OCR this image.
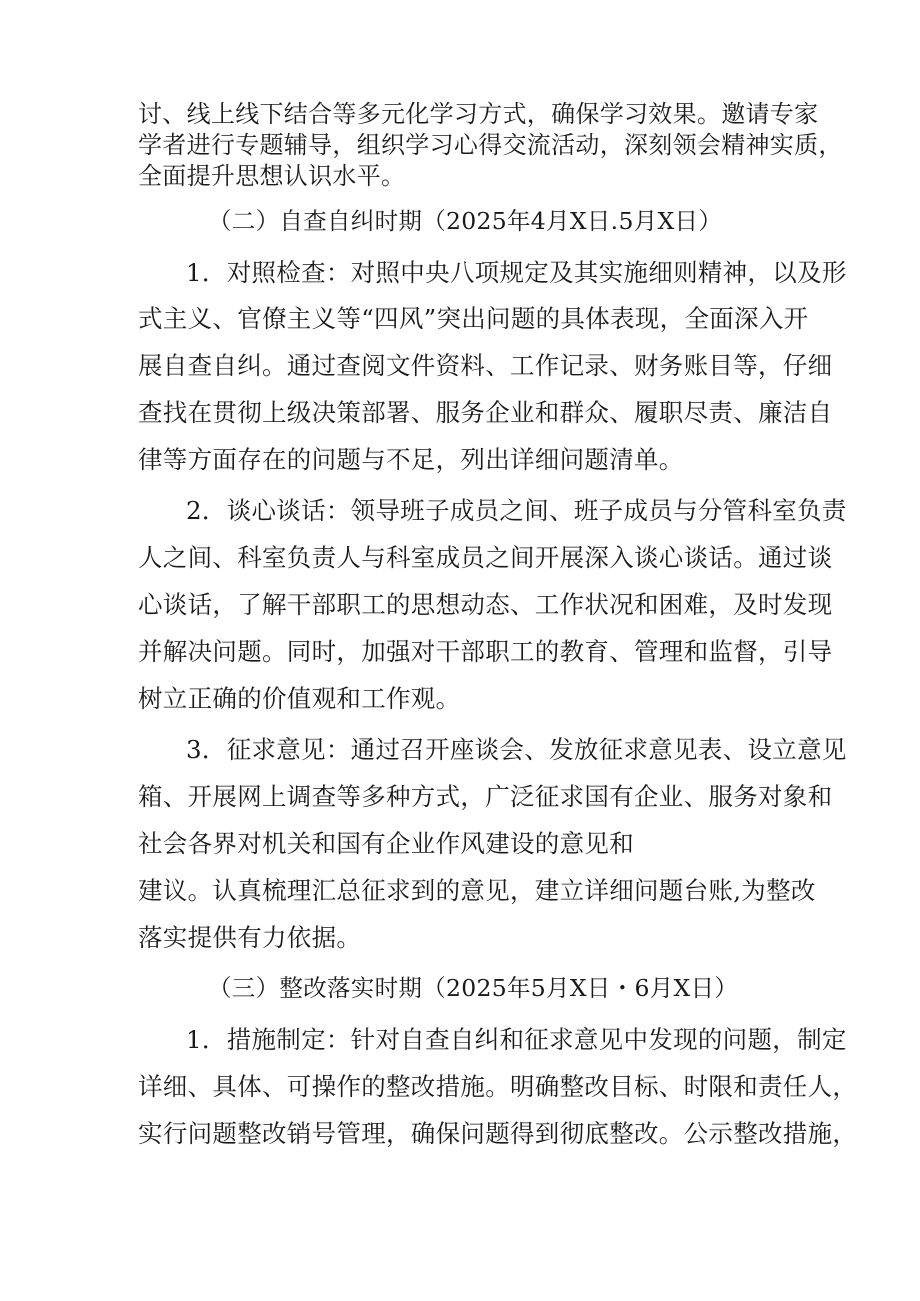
讨、线上线下结合等多元化学习方式，确保学习效果。邀请专家
学者进行专题辅导，组织学习心得交流活动，深刻领会精神实质，
全面提升思想认识水平。
（二）自查自纠时期（2025年4月X日.5月X日）
1．对照检查：对照中央八项规定及其实施细则精神，以及形
式主义、官僚主义等“四风”突出问题的具体表现，全面深入开
展自查自纠。通过查阅文件资料、工作记录、财务账目等，仔细
查找在贯彻上级决策部署、服务企业和群众、履职尽责、廉洁自
律等方面存在的问题与不足，列出详细问题清单。
2．谈心谈话：领导班子成员之间、班子成员与分管科室负责
人之间、科室负责人与科室成员之间开展深入谈心谈话。通过谈
心谈话，了解干部职工的思想动态、工作状况和困难，及时发现
并解决问题。同时，加强对干部职工的教育、管理和监督，引导
树立正确的价值观和工作观。
3．征求意见：通过召开座谈会、发放征求意见表、设立意见
箱、开展网上调查等多种方式，广泛征求国有企业、服务对象和
社会各界对机关和国有企业作风建设的意见和
建议。认真梳理汇总征求到的意见，建立详细问题台账,为整改
落实提供有力依据。
（三）整改落实时期（2025年5月X日・6月X日）
1．措施制定：针对自查自纠和征求意见中发现的问题，制定
详细、具体、可操作的整改措施。明确整改目标、时限和责任人，
实行问题整改销号管理，确保问题得到彻底整改。公示整改措施，
